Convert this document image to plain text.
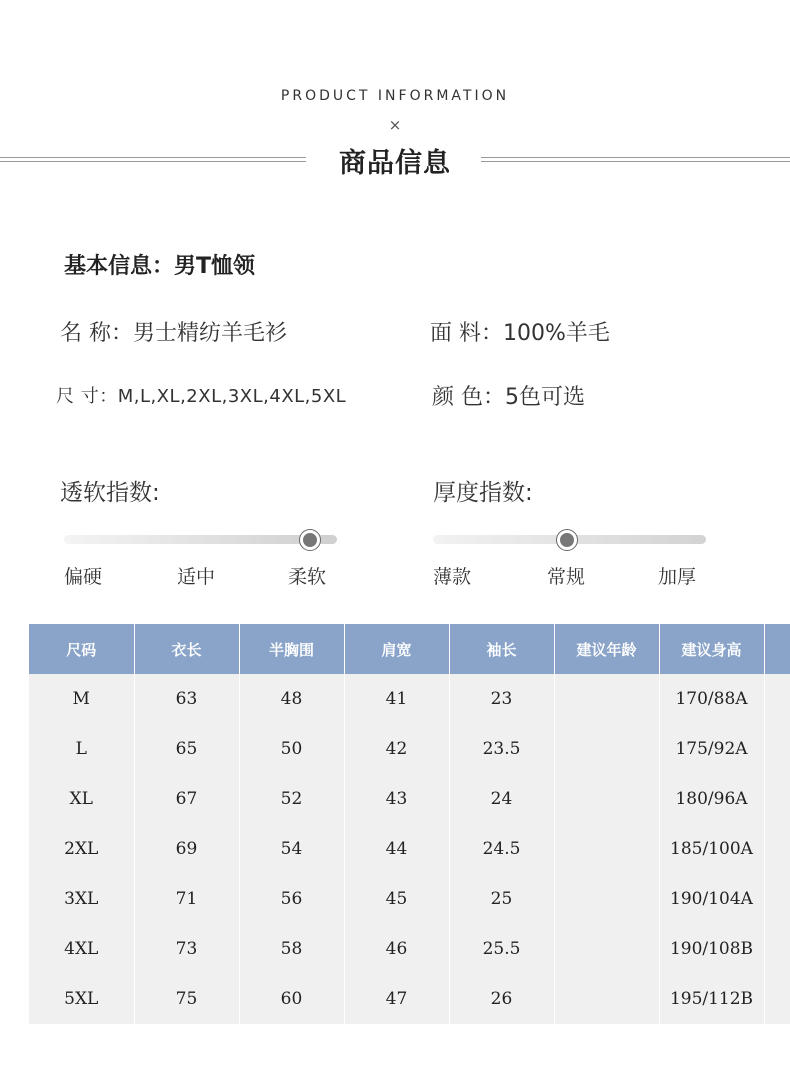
PRODUCT INFORMATION
×
商品信息
基本信息：男T恤领
名 称：男士精纺羊毛衫	面 料：100%羊毛
尺 寸：M,L,XL,2XL,3XL,4XL,5XL	颜 色：5色可选
透软指数:
偏硬	适中	柔软
厚度指数:
薄款	常规	加厚
尺码	衣长	半胸围	肩宽	袖长	建议年龄	建议身高	
M	63	48	41	23		170/88A	
L	65	50	42	23.5		175/92A	
XL	67	52	43	24		180/96A	
2XL	69	54	44	24.5		185/100A	
3XL	71	56	45	25		190/104A	
4XL	73	58	46	25.5		190/108B	
5XL	75	60	47	26		195/112B	
